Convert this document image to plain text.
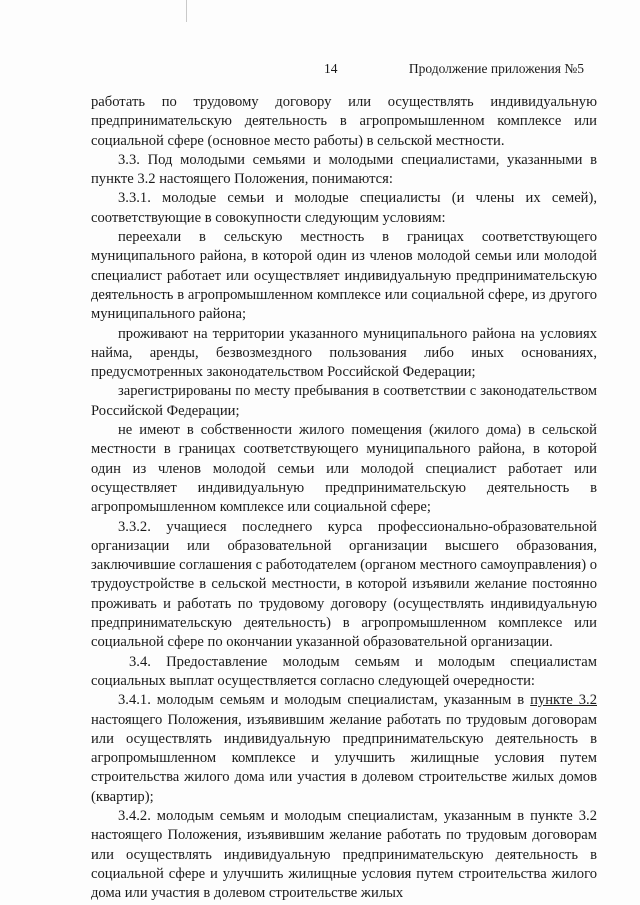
14	Продолжение приложения №5

работать по трудовому договору или осуществлять индивидуальную предпринимательскую деятельность в агропромышленном комплексе или социальной сфере (основное место работы) в сельской местности.

3.3. Под молодыми семьями и молодыми специалистами, указанными в пункте 3.2 настоящего Положения, понимаются:

3.3.1. молодые семьи и молодые специалисты (и члены их семей), соответствующие в совокупности следующим условиям:

переехали в сельскую местность в границах соответствующего муниципального района, в которой один из членов молодой семьи или молодой специалист работает или осуществляет индивидуальную предпринимательскую деятельность в агропромышленном комплексе или социальной сфере, из другого муниципального района;

проживают на территории указанного муниципального района на условиях найма, аренды, безвозмездного пользования либо иных основаниях, предусмотренных законодательством Российской Федерации;

зарегистрированы по месту пребывания в соответствии с законодательством Российской Федерации;

не имеют в собственности жилого помещения (жилого дома) в сельской местности в границах соответствующего муниципального района, в которой один из членов молодой семьи или молодой специалист работает или осуществляет индивидуальную предпринимательскую деятельность в агропромышленном комплексе или социальной сфере;

3.3.2. учащиеся последнего курса профессионально-образовательной организации или образовательной организации высшего образования, заключившие соглашения с работодателем (органом местного самоуправления) о трудоустройстве в сельской местности, в которой изъявили желание постоянно проживать и работать по трудовому договору (осуществлять индивидуальную предпринимательскую деятельность) в агропромышленном комплексе или социальной сфере по окончании указанной образовательной организации.

3.4. Предоставление молодым семьям и молодым специалистам социальных выплат осуществляется согласно следующей очередности:

3.4.1. молодым семьям и молодым специалистам, указанным в пункте 3.2 настоящего Положения, изъявившим желание работать по трудовым договорам или осуществлять индивидуальную предпринимательскую деятельность в агропромышленном комплексе и улучшить жилищные условия путем строительства жилого дома или участия в долевом строительстве жилых домов (квартир);

3.4.2. молодым семьям и молодым специалистам, указанным в пункте 3.2 настоящего Положения, изъявившим желание работать по трудовым договорам или осуществлять индивидуальную предпринимательскую деятельность в социальной сфере и улучшить жилищные условия путем строительства жилого дома или участия в долевом строительстве жилых
